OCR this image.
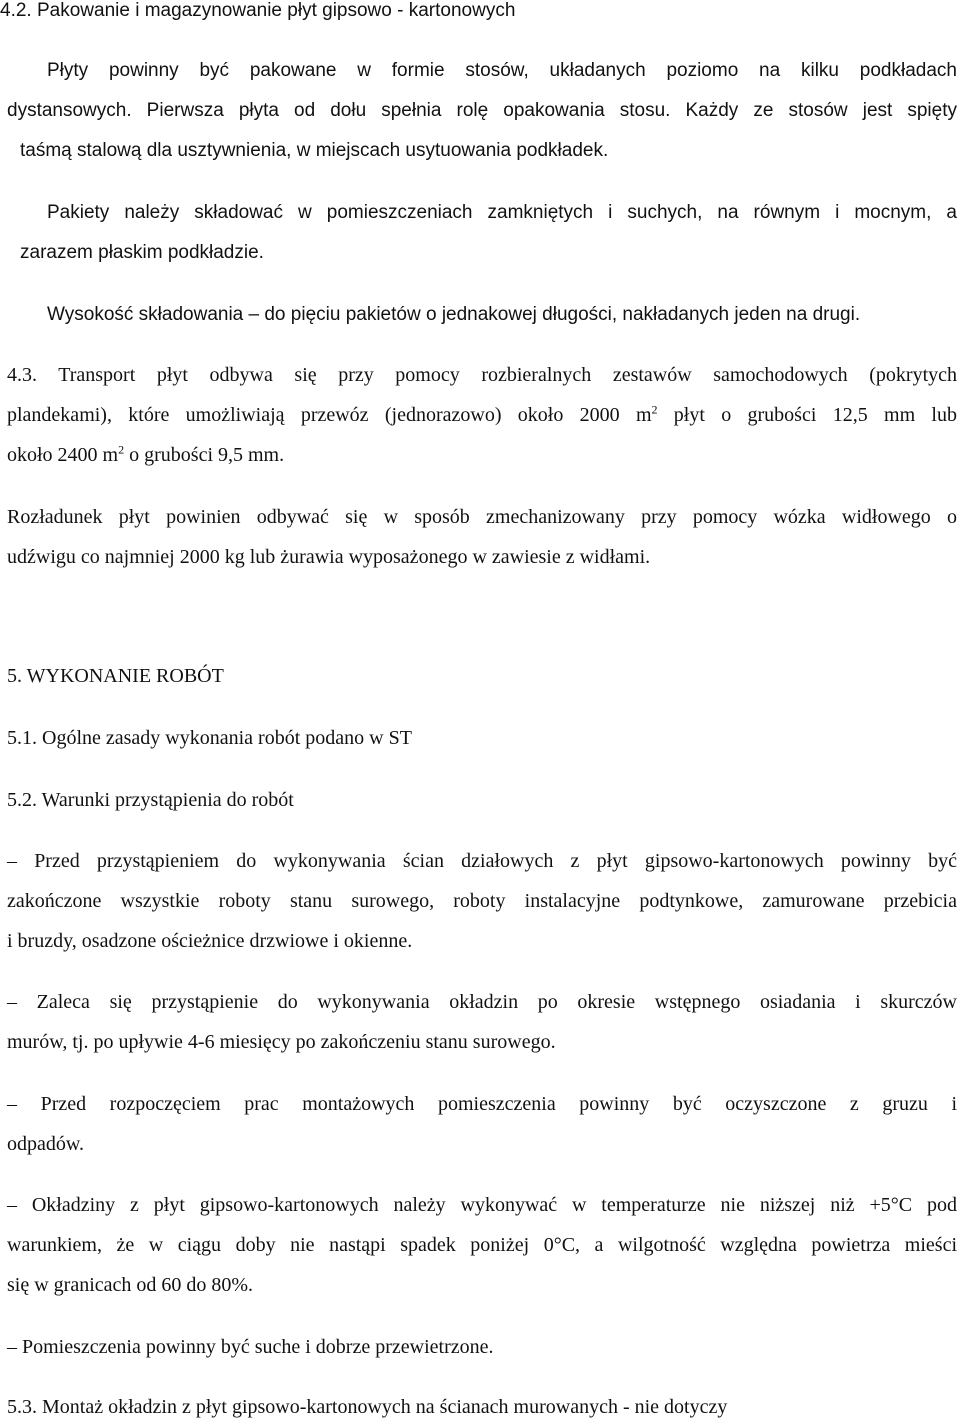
4.2. Pakowanie i magazynowanie płyt gipsowo - kartonowych
Płyty powinny być pakowane w formie stosów, układanych poziomo na kilku podkładach
dystansowych. Pierwsza płyta od dołu spełnia rolę opakowania stosu. Każdy ze stosów jest spięty
taśmą stalową dla usztywnienia, w miejscach usytuowania podkładek.
Pakiety należy składować w pomieszczeniach zamkniętych i suchych, na równym i mocnym, a
zarazem płaskim podkładzie.
Wysokość składowania – do pięciu pakietów o jednakowej długości, nakładanych jeden na drugi.
4.3. Transport płyt odbywa się przy pomocy rozbieralnych zestawów samochodowych (pokrytych
plandekami), które umożliwiają przewóz (jednorazowo) około 2000 $m^2$ płyt o grubości 12,5 mm lub
około 2400 $m^2$ o grubości 9,5 mm.
Rozładunek płyt powinien odbywać się w sposób zmechanizowany przy pomocy wózka widłowego o
udźwigu co najmniej 2000 kg lub żurawia wyposażonego w zawiesie z widłami.
5. WYKONANIE ROBÓT
5.1. Ogólne zasady wykonania robót podano w ST
5.2. Warunki przystąpienia do robót
– Przed przystąpieniem do wykonywania ścian działowych z płyt gipsowo-kartonowych powinny być
zakończone wszystkie roboty stanu surowego, roboty instalacyjne podtynkowe, zamurowane przebicia
i bruzdy, osadzone ościeżnice drzwiowe i okienne.
– Zaleca się przystąpienie do wykonywania okładzin po okresie wstępnego osiadania i skurczów
murów, tj. po upływie 4-6 miesięcy po zakończeniu stanu surowego.
– Przed rozpoczęciem prac montażowych pomieszczenia powinny być oczyszczone z gruzu i
odpadów.
– Okładziny z płyt gipsowo-kartonowych należy wykonywać w temperaturze nie niższej niż +5°C pod
warunkiem, że w ciągu doby nie nastąpi spadek poniżej 0°C, a wilgotność względna powietrza mieści
się w granicach od 60 do 80%.
– Pomieszczenia powinny być suche i dobrze przewietrzone.
5.3. Montaż okładzin z płyt gipsowo-kartonowych na ścianach murowanych - nie dotyczy
